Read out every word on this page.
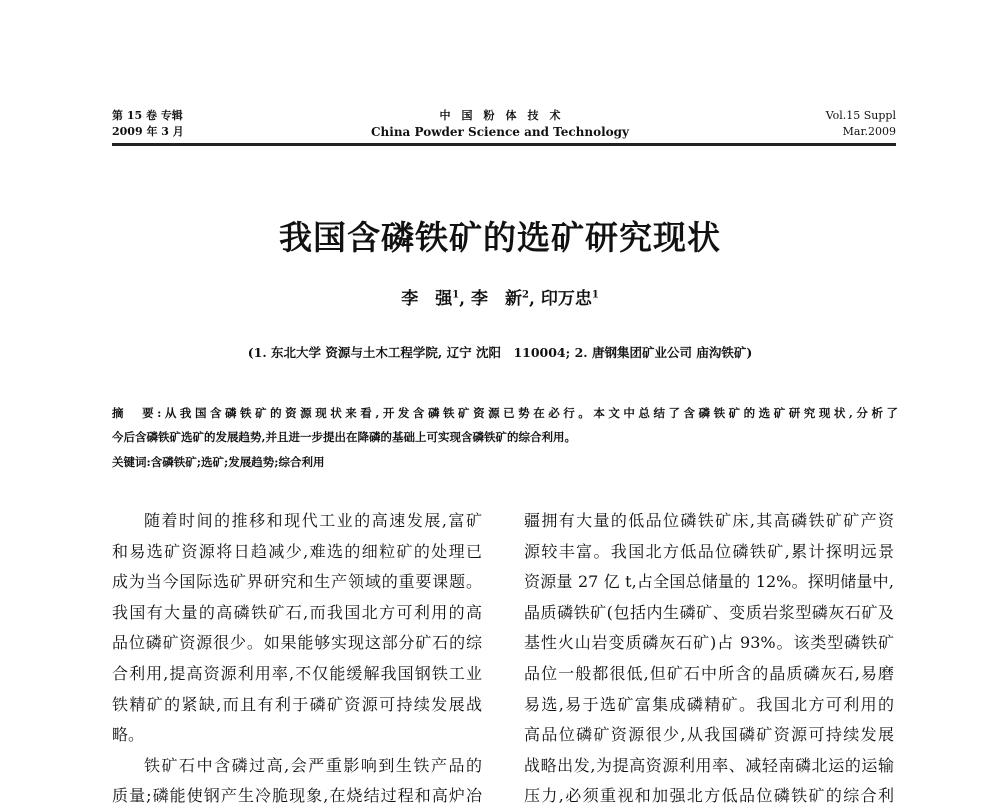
第 15 卷 专辑
2009 年 3 月
中　国　粉　体　技　术
China Powder Science and Technology
Vol.15 Suppl
Mar.2009
我国含磷铁矿的选矿研究现状
李　强$^1$, 李　新$^2$, 印万忠$^1$
(1. 东北大学 资源与土木工程学院, 辽宁 沈阳　110004; 2. 唐钢集团矿业公司 庙沟铁矿)
摘　要:从我国含磷铁矿的资源现状来看,开发含磷铁矿资源已势在必行。本文中总结了含磷铁矿的选矿研究现状,分析了
今后含磷铁矿选矿的发展趋势,并且进一步提出在降磷的基础上可实现含磷铁矿的综合利用。
关键词:含磷铁矿;选矿;发展趋势;综合利用
随着时间的推移和现代工业的高速发展,富矿
和易选矿资源将日趋减少,难选的细粒矿的处理已
成为当今国际选矿界研究和生产领域的重要课题。
我国有大量的高磷铁矿石,而我国北方可利用的高
品位磷矿资源很少。如果能够实现这部分矿石的综
合利用,提高资源利用率,不仅能缓解我国钢铁工业
铁精矿的紧缺,而且有利于磷矿资源可持续发展战
略。
铁矿石中含磷过高,会严重影响到生铁产品的
质量;磷能使钢产生冷脆现象,在烧结过程和高炉冶
疆拥有大量的低品位磷铁矿床,其高磷铁矿矿产资
源较丰富。我国北方低品位磷铁矿,累计探明远景
资源量 27 亿 t,占全国总储量的 12%。探明储量中,
晶质磷铁矿(包括内生磷矿、变质岩浆型磷灰石矿及
基性火山岩变质磷灰石矿)占 93%。该类型磷铁矿
品位一般都很低,但矿石中所含的晶质磷灰石,易磨
易选,易于选矿富集成磷精矿。我国北方可利用的
高品位磷矿资源很少,从我国磷矿资源可持续发展
战略出发,为提高资源利用率、减轻南磷北运的运输
压力,必须重视和加强北方低品位磷铁矿的综合利
